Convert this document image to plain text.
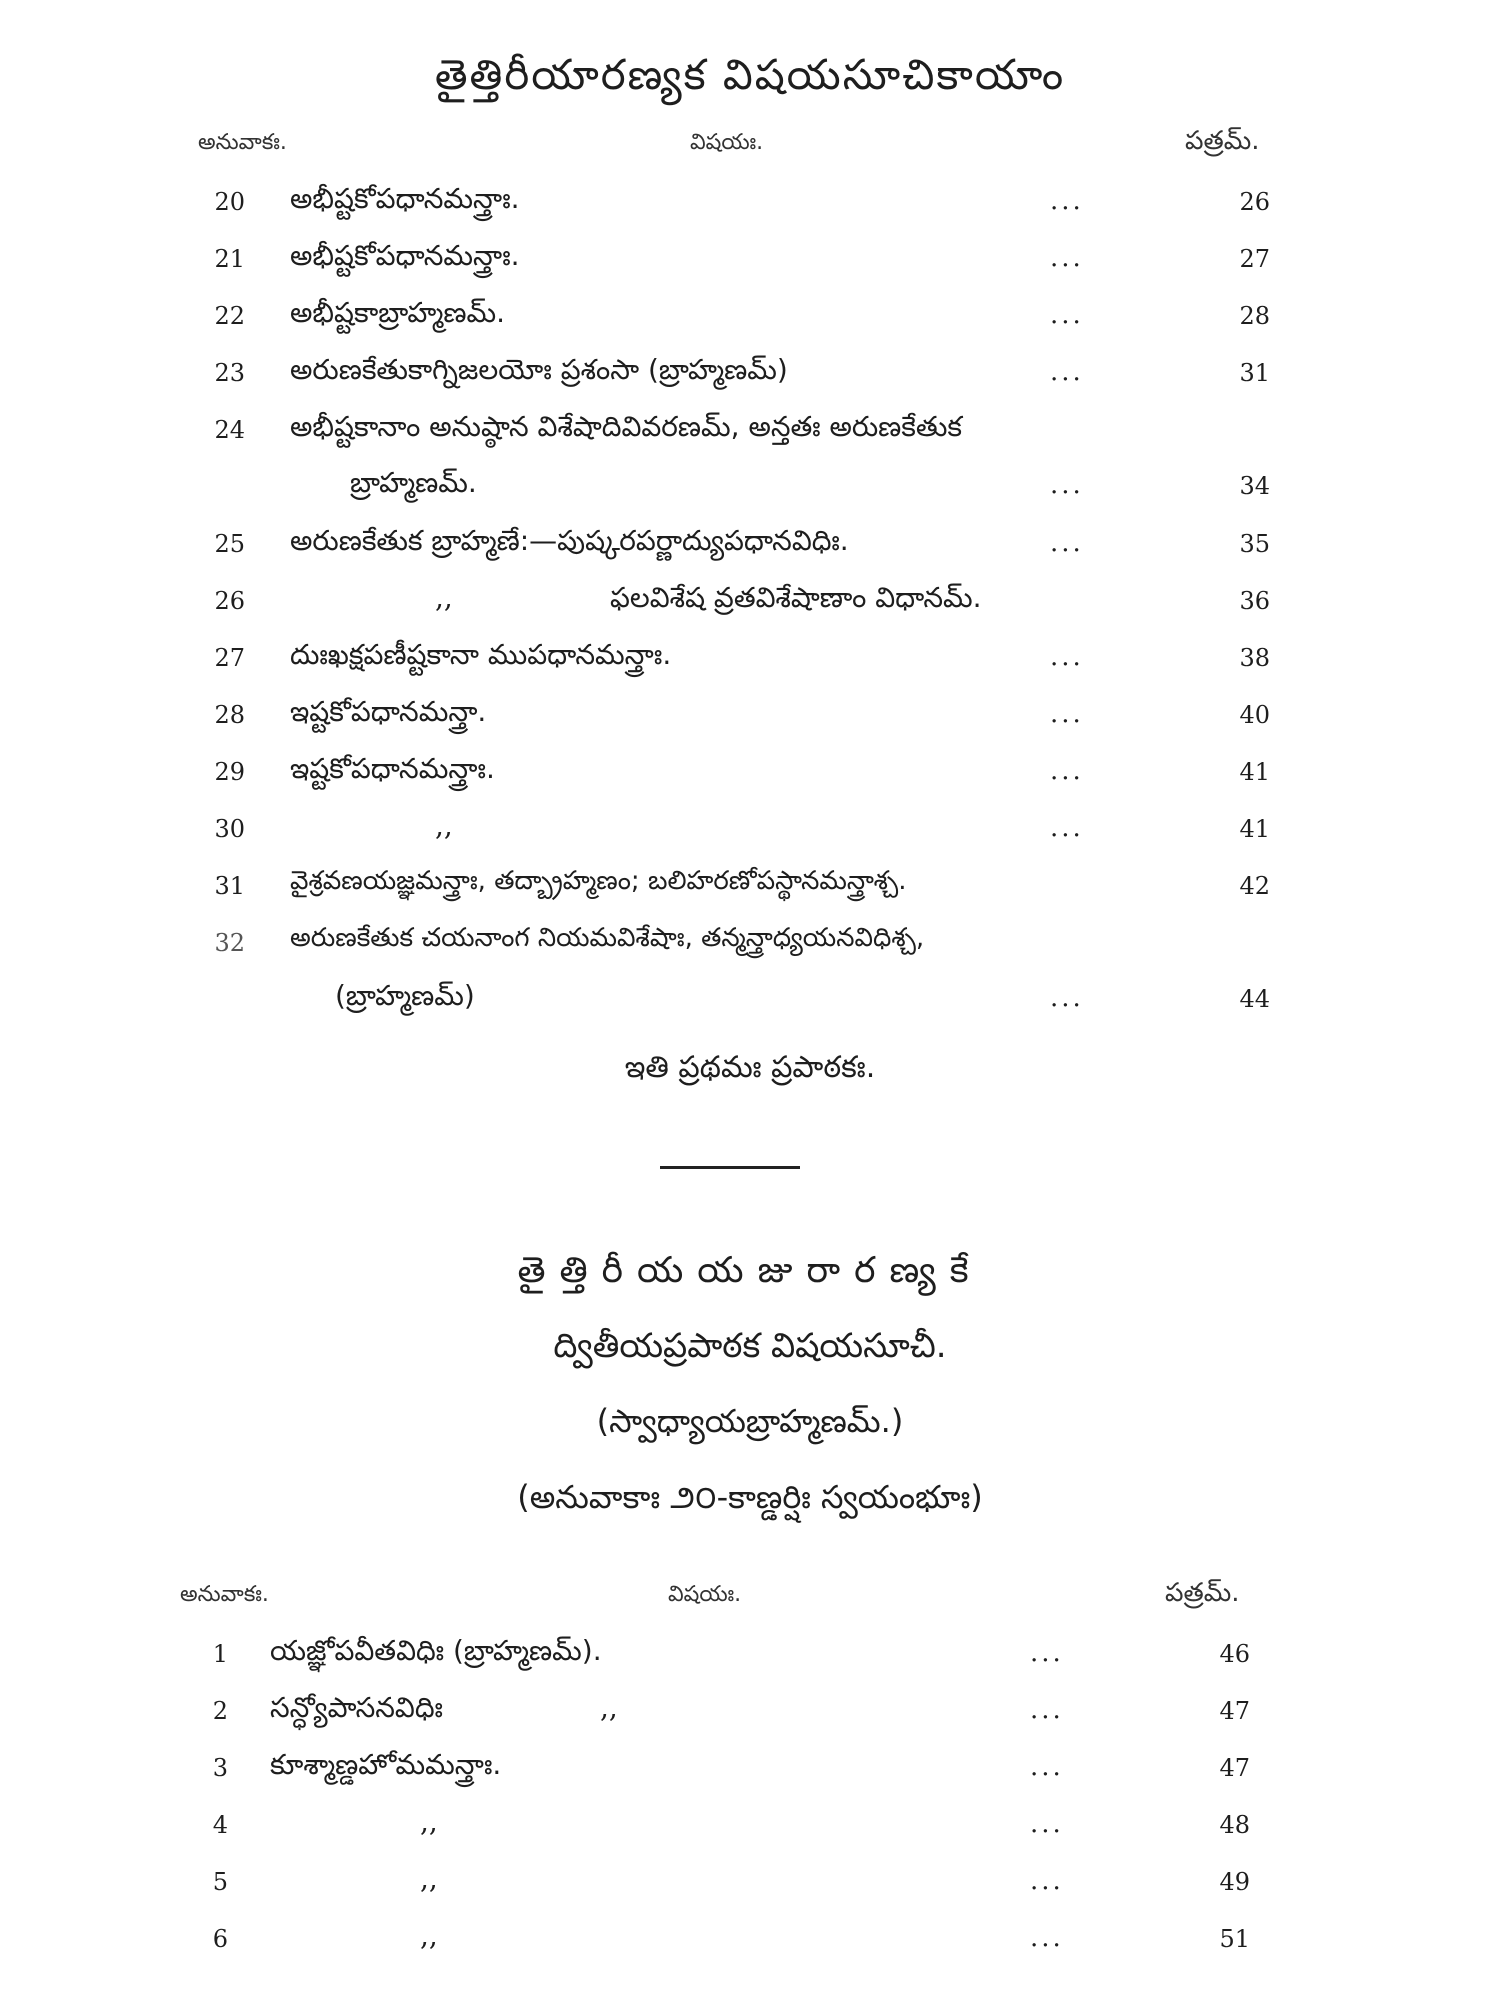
తైత్తిరీయారణ్యక విషయసూచికాయాం
అనువాకః.	విషయః.	పత్రమ్.
20 అభీష్టకోపధానమన్త్రాః.	...	26
21 అభీష్టకోపధానమన్త్రాః.	...	27
22 అభీష్టకాబ్రాహ్మణమ్.	...	28
23 అరుణకేతుకాగ్నిజలయోః ప్రశంసా (బ్రాహ్మణమ్)	...	31
24 అభీష్టకానాం అనుష్ఠాన విశేషాదివివరణమ్, అన్తతః అరుణకేతుక
బ్రాహ్మణమ్.	...	34
25 అరుణకేతుక బ్రాహ్మణే:—పుష్కరపర్ణాద్యుపధానవిధిః.	...	35
26	,,	ఫలవిశేష వ్రతవిశేషాణాం విధానమ్.	36
27 దుఃఖక్షపణీష్టకానా ముపధానమన్త్రాః.	...	38
28 ఇష్టకోపధానమన్త్రా.	...	40
29 ఇష్టకోపధానమన్త్రాః.	...	41
30	,,	...	41
31 వైశ్రవణయజ్ఞమన్త్రాః, తద్బ్రాహ్మణం; బలిహరణోపస్థానమన్త్రాశ్చ.	42
32 అరుణకేతుక చయనాంగ నియమవిశేషాః, తన్మన్త్రాధ్యయనవిధిశ్చ,
(బ్రాహ్మణమ్)	...	44
ఇతి ప్రథమః ప్రపాఠకః.
తైత్తిరీయయజురారణ్యకే
ద్వితీయప్రపాఠక విషయసూచీ.
(స్వాధ్యాయబ్రాహ్మణమ్.)
(అనువాకాః ౨౦-కాణ్డర్షిః స్వయంభూః)
అనువాకః.	విషయః.	పత్రమ్.
1 యజ్ఞోపవీతవిధిః (బ్రాహ్మణమ్).	...	46
2 సన్ధ్యోపాసనవిధిః	,,	...	47
3 కూశ్మాణ్డహోమమన్త్రాః.	...	47
4	,,	...	48
5	,,	...	49
6	,,	...	51
